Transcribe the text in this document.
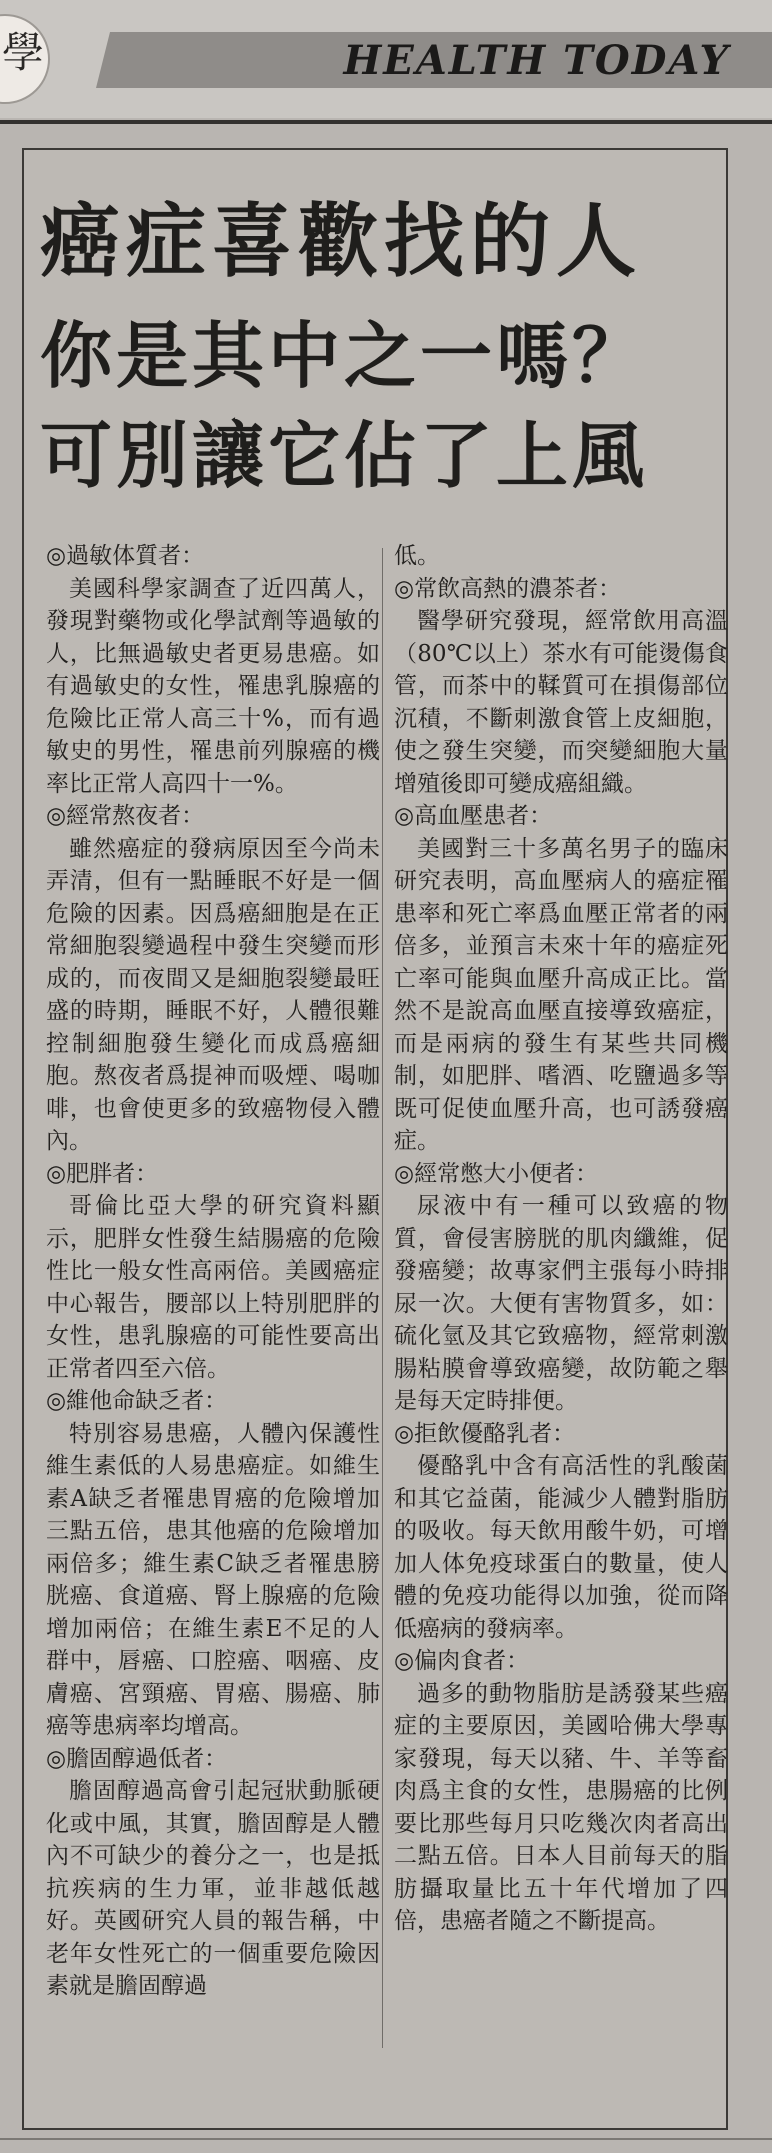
學	HEALTH TODAY
癌症喜歡找的人
你是其中之一嗎？
可別讓它佔了上風

◎過敏体質者：

美國科學家調查了近四萬人，發現對藥物或化學試劑等過敏的人，比無過敏史者更易患癌。如有過敏史的女性，罹患乳腺癌的危險比正常人高三十%，而有過敏史的男性，罹患前列腺癌的機率比正常人高四十一%。

◎經常熬夜者：

雖然癌症的發病原因至今尚未弄清，但有一點睡眠不好是一個危險的因素。因爲癌細胞是在正常細胞裂變過程中發生突變而形成的，而夜間又是細胞裂變最旺盛的時期，睡眠不好，人體很難控制細胞發生變化而成爲癌細胞。熬夜者爲提神而吸煙、喝咖啡，也會使更多的致癌物侵入體內。

◎肥胖者：

哥倫比亞大學的研究資料顯示，肥胖女性發生結腸癌的危險性比一般女性高兩倍。美國癌症中心報告，腰部以上特別肥胖的女性，患乳腺癌的可能性要高出正常者四至六倍。

◎維他命缺乏者：

特別容易患癌，人體內保護性維生素低的人易患癌症。如維生素A缺乏者罹患胃癌的危險增加三點五倍，患其他癌的危險增加兩倍多；維生素C缺乏者罹患膀胱癌、食道癌、腎上腺癌的危險增加兩倍；在維生素E不足的人群中，唇癌、口腔癌、咽癌、皮膚癌、宮頸癌、胃癌、腸癌、肺癌等患病率均增高。

◎膽固醇過低者：

膽固醇過高會引起冠狀動脈硬化或中風，其實，膽固醇是人體內不可缺少的養分之一，也是抵抗疾病的生力軍，並非越低越好。英國研究人員的報告稱，中老年女性死亡的一個重要危險因素就是膽固醇過

低。

◎常飲高熱的濃茶者：

醫學研究發現，經常飲用高溫（80℃以上）茶水有可能燙傷食管，而茶中的鞣質可在損傷部位沉積，不斷刺激食管上皮細胞，使之發生突變，而突變細胞大量增殖後即可變成癌組織。

◎高血壓患者：

美國對三十多萬名男子的臨床研究表明，高血壓病人的癌症罹患率和死亡率爲血壓正常者的兩倍多，並預言未來十年的癌症死亡率可能與血壓升高成正比。當然不是說高血壓直接導致癌症，而是兩病的發生有某些共同機制，如肥胖、嗜酒、吃鹽過多等既可促使血壓升高，也可誘發癌症。

◎經常憋大小便者：

尿液中有一種可以致癌的物質，會侵害膀胱的肌肉纖維，促發癌變；故專家們主張每小時排尿一次。大便有害物質多，如：硫化氫及其它致癌物，經常刺激腸粘膜會導致癌變，故防範之舉是每天定時排便。

◎拒飲優酪乳者：

優酪乳中含有高活性的乳酸菌和其它益菌，能減少人體對脂肪的吸收。每天飲用酸牛奶，可增加人体免疫球蛋白的數量，使人體的免疫功能得以加強，從而降低癌病的發病率。

◎偏肉食者：

過多的動物脂肪是誘發某些癌症的主要原因，美國哈佛大學專家發現，每天以豬、牛、羊等畜肉爲主食的女性，患腸癌的比例要比那些每月只吃幾次肉者高出二點五倍。日本人目前每天的脂肪攝取量比五十年代增加了四倍，患癌者隨之不斷提高。
